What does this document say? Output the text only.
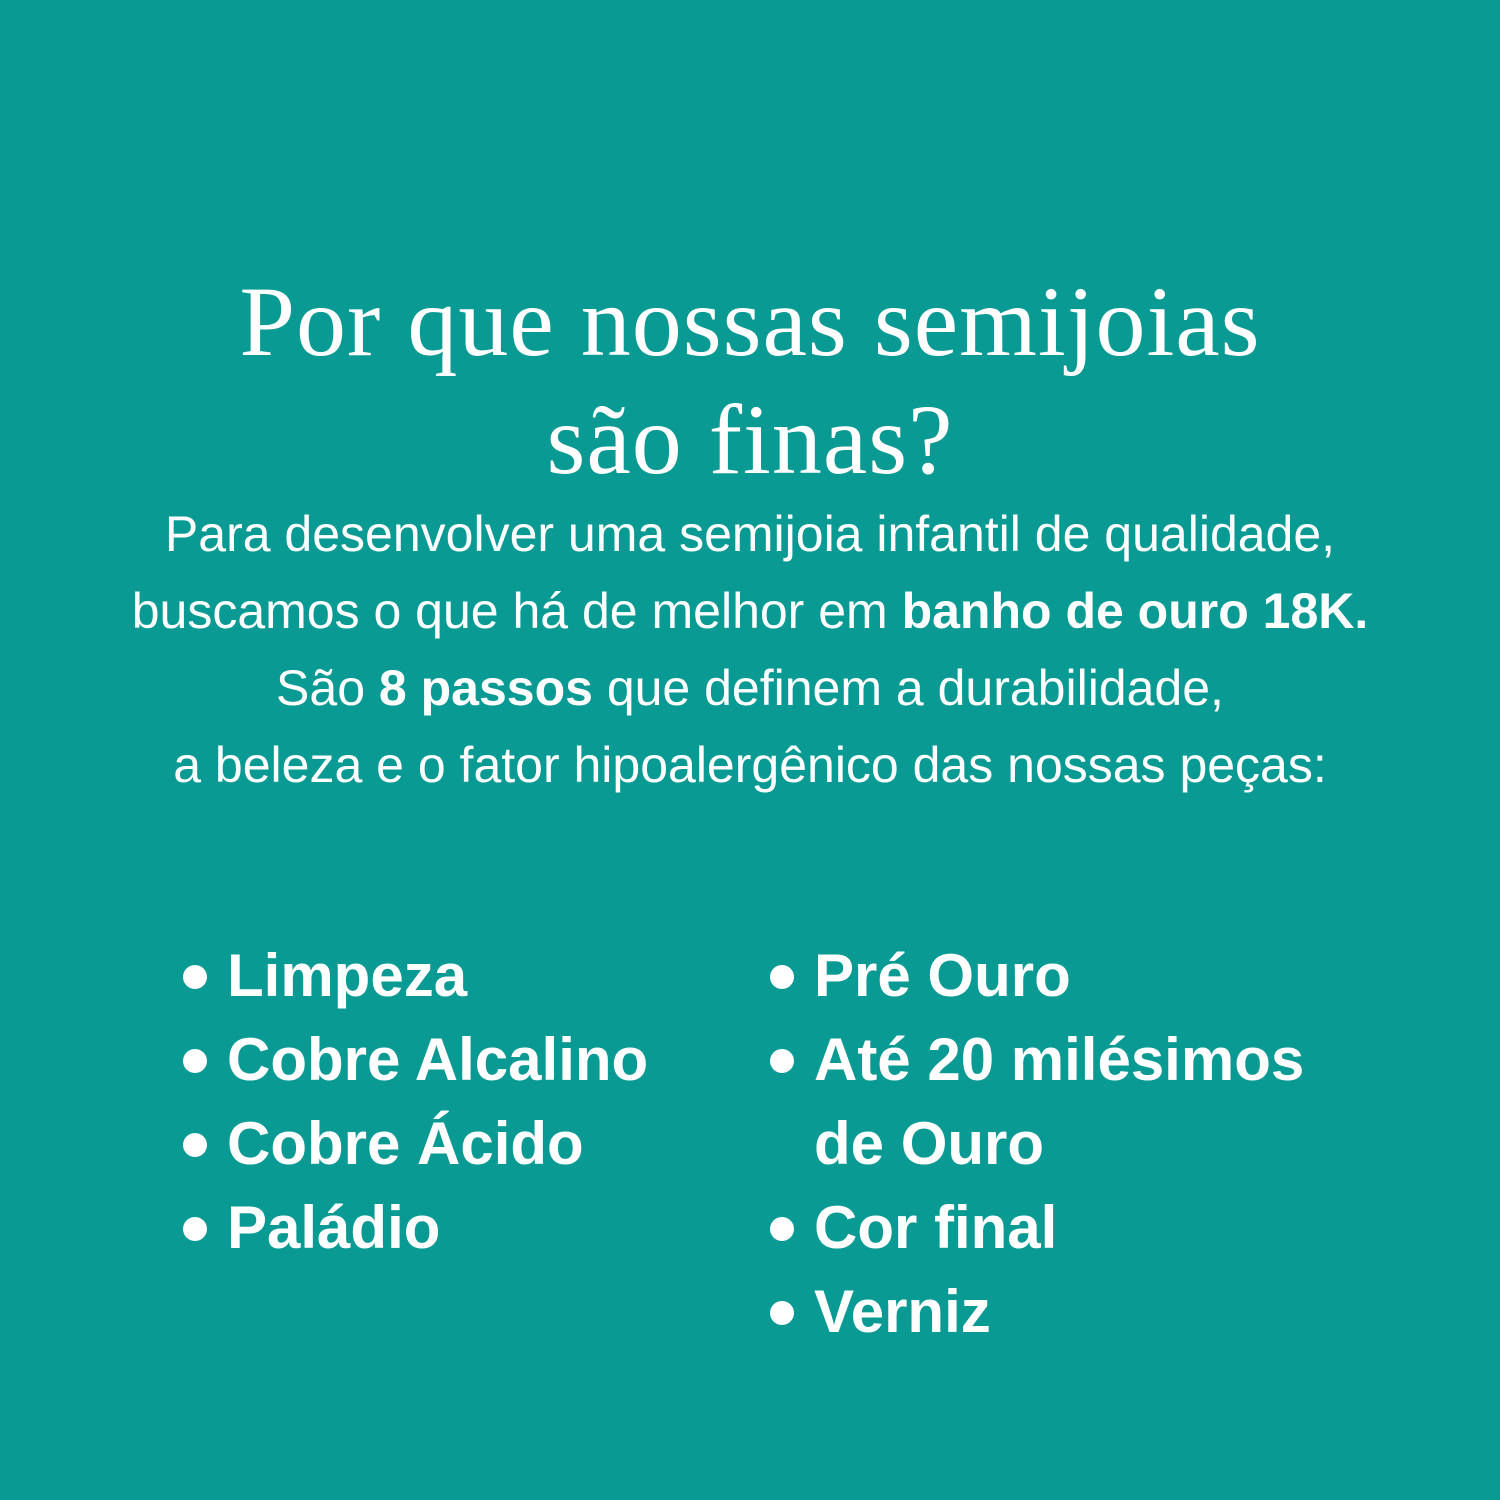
Por que nossas semijoias
são finas?
Para desenvolver uma semijoia infantil de qualidade,
buscamos o que há de melhor em banho de ouro 18K.
São 8 passos que definem a durabilidade,
a beleza e o fator hipoalergênico das nossas peças:
Limpeza
Cobre Alcalino
Cobre Ácido
Paládio
Pré Ouro
Até 20 milésimos de Ouro
Cor final
Verniz
